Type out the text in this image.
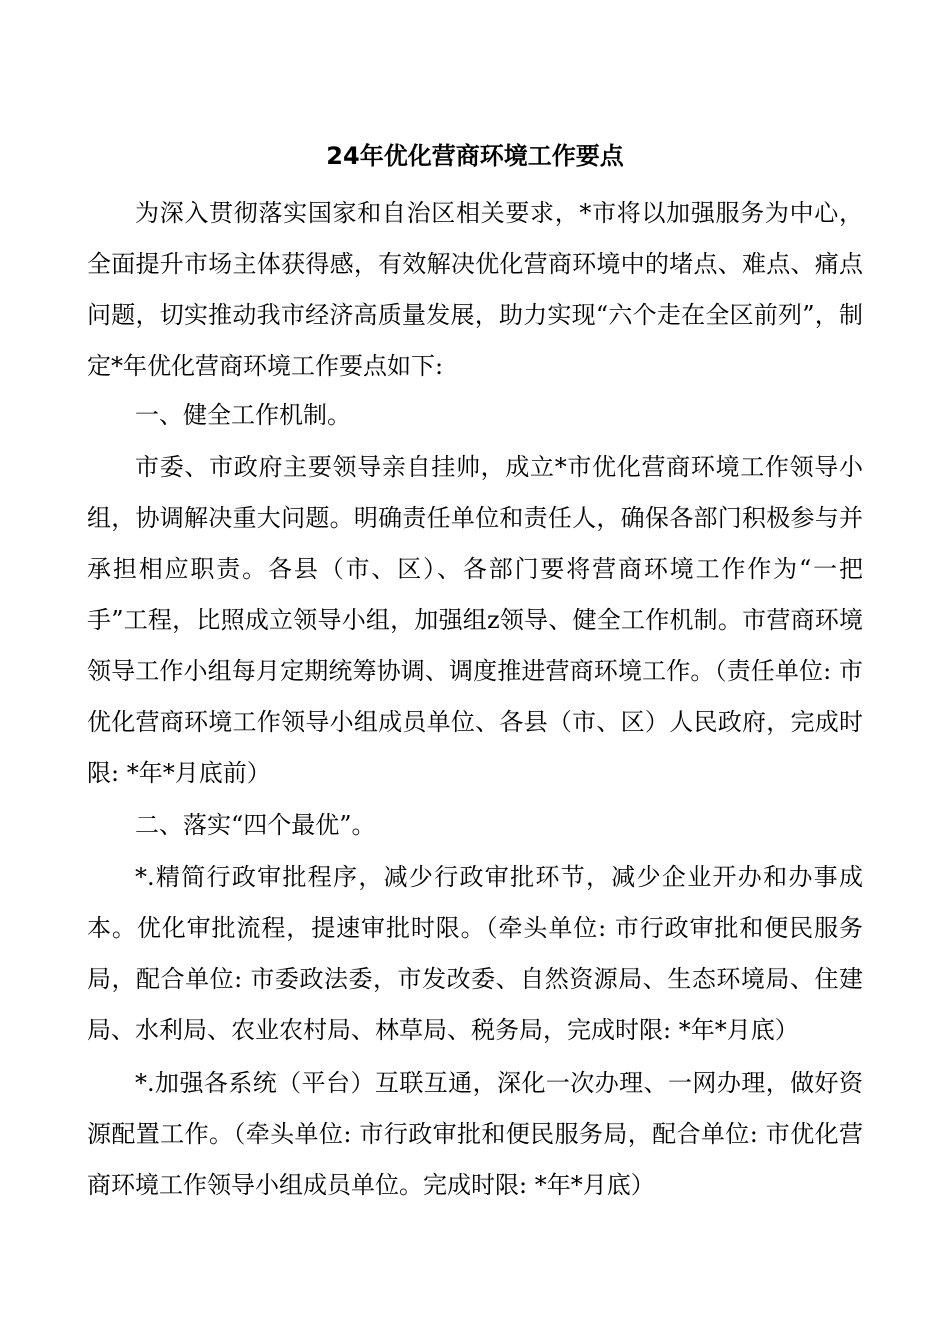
24年优化营商环境工作要点

为深入贯彻落实国家和自治区相关要求，*市将以加强服务为中心，全面提升市场主体获得感，有效解决优化营商环境中的堵点、难点、痛点问题，切实推动我市经济高质量发展，助力实现“六个走在全区前列”，制定*年优化营商环境工作要点如下:

一、健全工作机制。

市委、市政府主要领导亲自挂帅，成立*市优化营商环境工作领导小组，协调解决重大问题。明确责任单位和责任人，确保各部门积极参与并承担相应职责。各县（市、区）、各部门要将营商环境工作作为“一把手”工程，比照成立领导小组，加强组z领导、健全工作机制。市营商环境领导工作小组每月定期统筹协调、调度推进营商环境工作。（责任单位: 市优化营商环境工作领导小组成员单位、各县（市、区）人民政府，完成时限: *年*月底前）

二、落实“四个最优”。

*.精简行政审批程序，减少行政审批环节，减少企业开办和办事成本。优化审批流程，提速审批时限。（牵头单位: 市行政审批和便民服务局，配合单位: 市委政法委，市发改委、自然资源局、生态环境局、住建局、水利局、农业农村局、林草局、税务局，完成时限: *年*月底）

*.加强各系统（平台）互联互通，深化一次办理、一网办理，做好资源配置工作。（牵头单位: 市行政审批和便民服务局，配合单位: 市优化营商环境工作领导小组成员单位。完成时限: *年*月底）
